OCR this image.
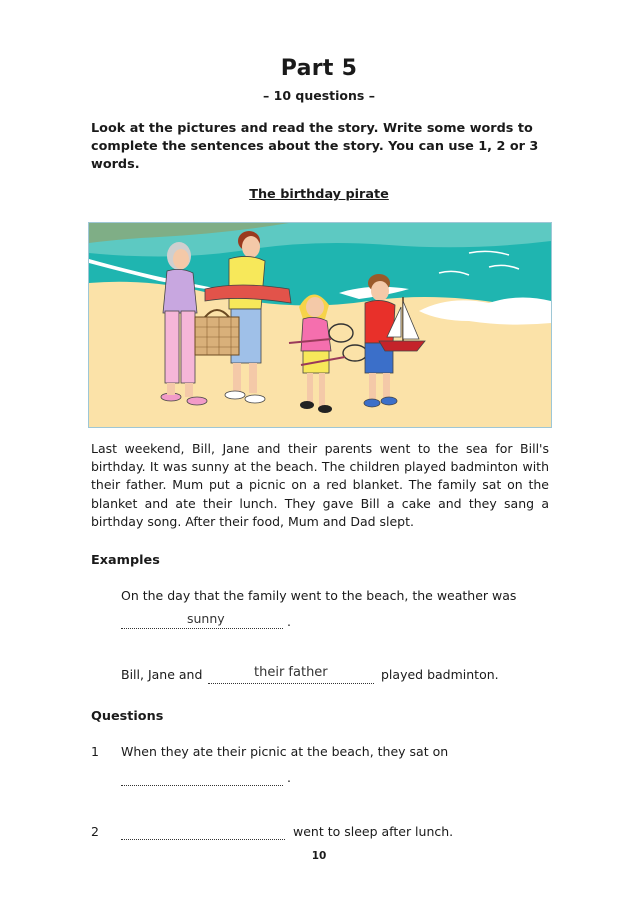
Part 5
– 10 questions –
Look at the pictures and read the story. Write some words to complete the sentences about the story. You can use 1, 2 or 3 words.
The birthday pirate
Last weekend, Bill, Jane and their parents went to the sea for Bill's birthday. It was sunny at the beach. The children played badminton with their father. Mum put a picnic on a red blanket. The family sat on the blanket and ate their lunch. They gave Bill a cake and they sang a birthday song. After their food, Mum and Dad slept.
Examples
On the day that the family went to the beach, the weather was
sunny	.
Bill, Jane and	their father	played badminton.
Questions
1 When they ate their picnic at the beach, they sat on
.
2	went to sleep after lunch.
10
